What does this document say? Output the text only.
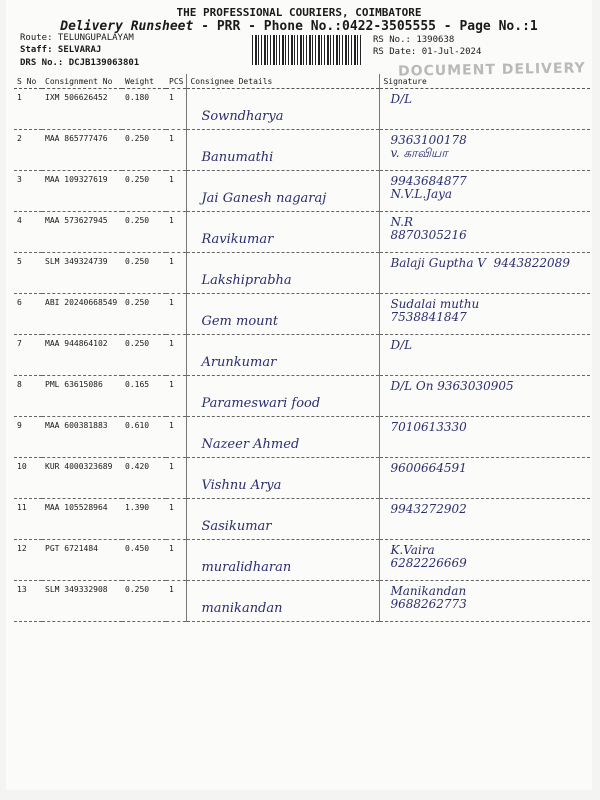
THE PROFESSIONAL COURIERS, COIMBATORE
Delivery Runsheet - PRR - Phone No.:0422-3505555 - Page No.:1
Route: TELUNGUPALAYAM
Staff: SELVARAJ
DRS No.: DCJB139063801
RS No.: 1390638
RS Date: 01-Jul-2024
DOCUMENT DELIVERY
S No	Consignment No	Weight	PCS	Consignee Details	Signature
1	IXM 506626452	0.180	1	Sowndharya	D/L

2	MAA 865777476	0.250	1	Banumathi	9363100178
v. காவியா

3	MAA 109327619	0.250	1	Jai Ganesh nagaraj	9943684877
N.V.L.Jaya

4	MAA 573627945	0.250	1	Ravikumar	N.R
8870305216

5	SLM 349324739	0.250	1	Lakshiprabha	Balaji Guptha V  9443822089

6	ABI 20240668549	0.250	1	Gem mount	Sudalai muthu
7538841847

7	MAA 944864102	0.250	1	Arunkumar	D/L

8	PML 63615086	0.165	1	Parameswari food	D/L On 9363030905

9	MAA 600381883	0.610	1	Nazeer Ahmed	7010613330

10	KUR 4000323689	0.420	1	Vishnu Arya	9600664591

11	MAA 105528964	1.390	1	Sasikumar	9943272902

12	PGT 6721484	0.450	1	muralidharan	K.Vaira
6282226669

13	SLM 349332908	0.250	1	manikandan	Manikandan
9688262773
